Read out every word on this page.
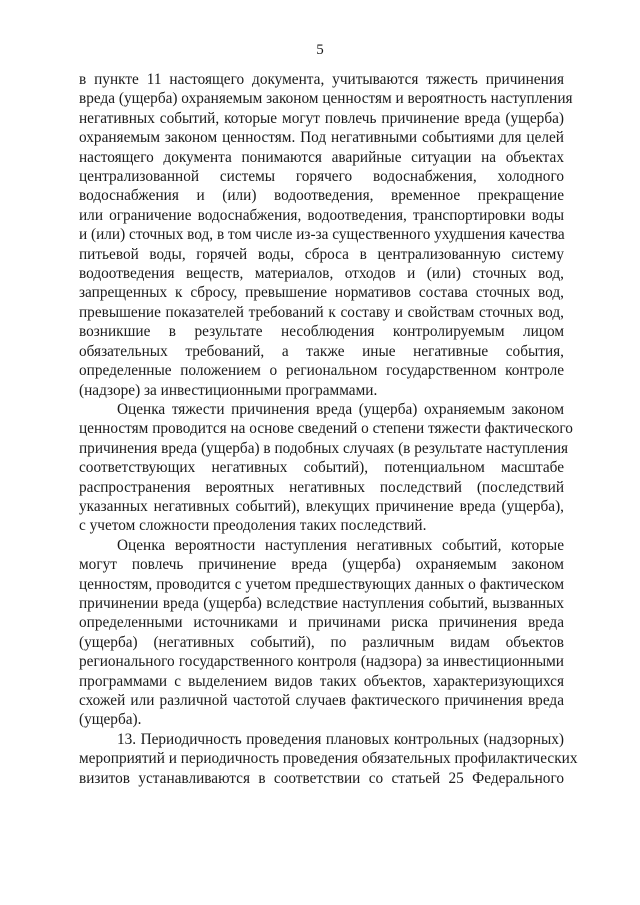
5
в пункте 11 настоящего документа, учитываются тяжесть причинения
вреда (ущерба) охраняемым законом ценностям и вероятность наступления
негативных событий, которые могут повлечь причинение вреда (ущерба)
охраняемым законом ценностям. Под негативными событиями для целей
настоящего документа понимаются аварийные ситуации на объектах
централизованной системы горячего водоснабжения, холодного
водоснабжения и (или) водоотведения, временное прекращение
или ограничение водоснабжения, водоотведения, транспортировки воды
и (или) сточных вод, в том числе из-за существенного ухудшения качества
питьевой воды, горячей воды, сброса в централизованную систему
водоотведения веществ, материалов, отходов и (или) сточных вод,
запрещенных к сбросу, превышение нормативов состава сточных вод,
превышение показателей требований к составу и свойствам сточных вод,
возникшие в результате несоблюдения контролируемым лицом
обязательных требований, а также иные негативные события,
определенные положением о региональном государственном контроле
(надзоре) за инвестиционными программами.
Оценка тяжести причинения вреда (ущерба) охраняемым законом
ценностям проводится на основе сведений о степени тяжести фактического
причинения вреда (ущерба) в подобных случаях (в результате наступления
соответствующих негативных событий), потенциальном масштабе
распространения вероятных негативных последствий (последствий
указанных негативных событий), влекущих причинение вреда (ущерба),
с учетом сложности преодоления таких последствий.
Оценка вероятности наступления негативных событий, которые
могут повлечь причинение вреда (ущерба) охраняемым законом
ценностям, проводится с учетом предшествующих данных о фактическом
причинении вреда (ущерба) вследствие наступления событий, вызванных
определенными источниками и причинами риска причинения вреда
(ущерба) (негативных событий), по различным видам объектов
регионального государственного контроля (надзора) за инвестиционными
программами с выделением видов таких объектов, характеризующихся
схожей или различной частотой случаев фактического причинения вреда
(ущерба).
13. Периодичность проведения плановых контрольных (надзорных)
мероприятий и периодичность проведения обязательных профилактических
визитов устанавливаются в соответствии со статьей 25 Федерального
